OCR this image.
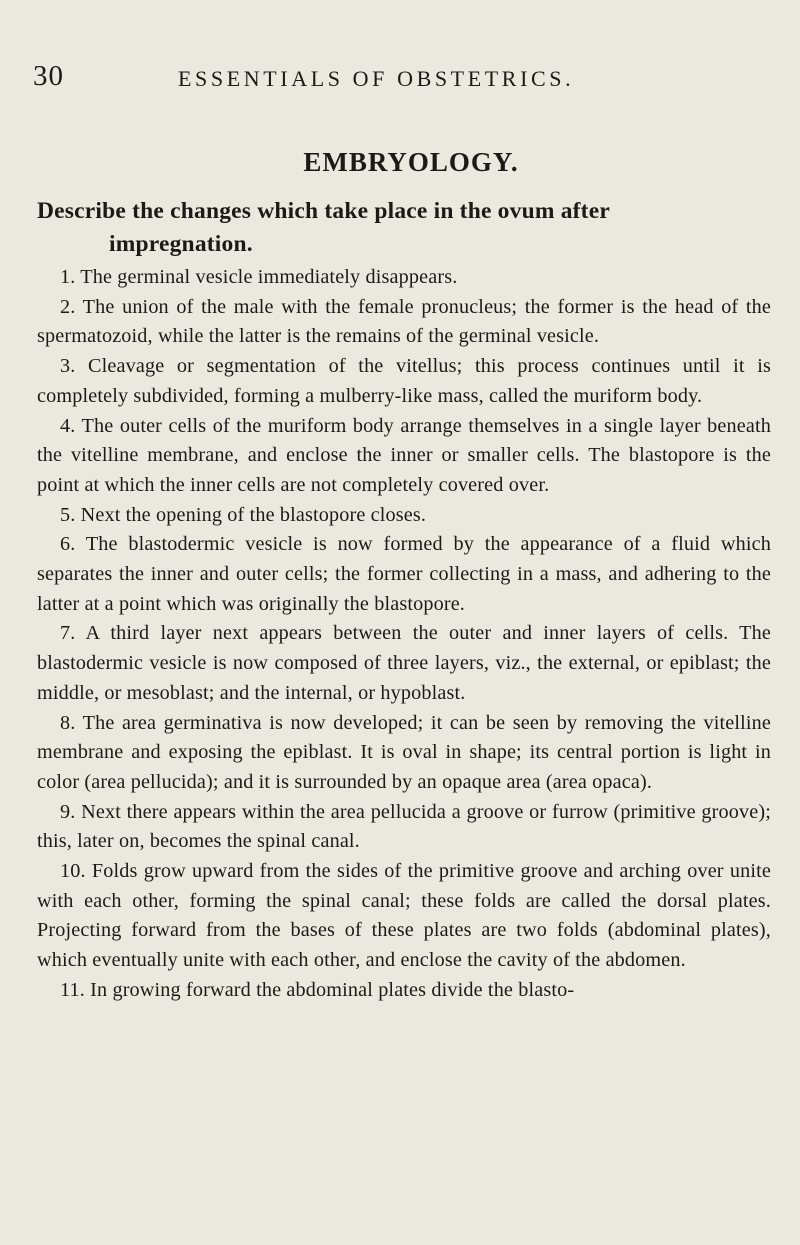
30	ESSENTIALS OF OBSTETRICS.
EMBRYOLOGY.
Describe the changes which take place in the ovum after
impregnation.

1. The germinal vesicle immediately disappears.

2. The union of the male with the female pronucleus; the former is the head of the spermatozoid, while the latter is the remains of the germinal vesicle.

3. Cleavage or segmentation of the vitellus; this process continues until it is completely subdivided, forming a mulberry-like mass, called the muriform body.

4. The outer cells of the muriform body arrange themselves in a single layer beneath the vitelline membrane, and enclose the inner or smaller cells. The blastopore is the point at which the inner cells are not completely covered over.

5. Next the opening of the blastopore closes.

6. The blastodermic vesicle is now formed by the appearance of a fluid which separates the inner and outer cells; the former collecting in a mass, and adhering to the latter at a point which was originally the blastopore.

7. A third layer next appears between the outer and inner layers of cells. The blastodermic vesicle is now composed of three layers, viz., the external, or epiblast; the middle, or mesoblast; and the internal, or hypoblast.

8. The area germinativa is now developed; it can be seen by removing the vitelline membrane and exposing the epiblast. It is oval in shape; its central portion is light in color (area pellucida); and it is surrounded by an opaque area (area opaca).

9. Next there appears within the area pellucida a groove or furrow (primitive groove); this, later on, becomes the spinal canal.

10. Folds grow upward from the sides of the primitive groove and arching over unite with each other, forming the spinal canal; these folds are called the dorsal plates. Projecting forward from the bases of these plates are two folds (abdominal plates), which eventually unite with each other, and enclose the cavity of the abdomen.

11. In growing forward the abdominal plates divide the blasto-
